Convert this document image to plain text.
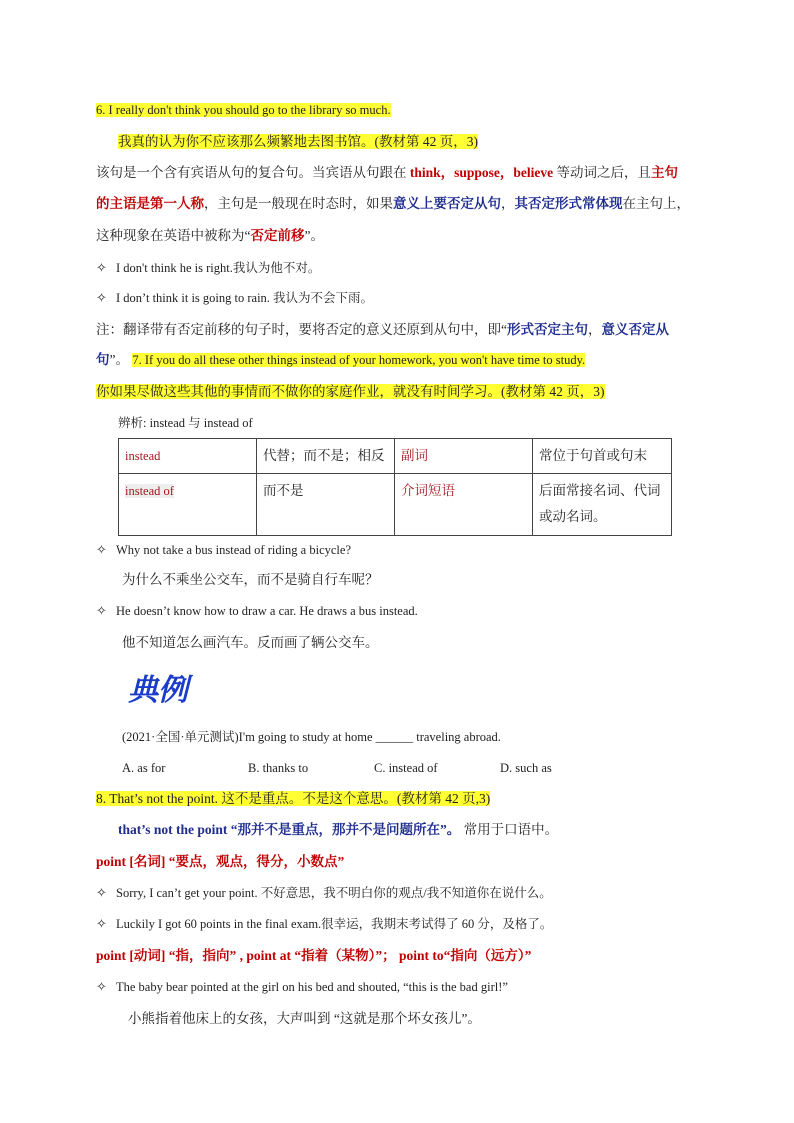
6. I really don't think you should go to the library so much.
我真的认为你不应该那么频繁地去图书馆。(教材第 42 页，3)
该句是一个含有宾语从句的复合句。当宾语从句跟在 think，suppose，believe 等动词之后，且主句
的主语是第一人称，主句是一般现在时态时，如果意义上要否定从句，其否定形式常体现在主句上，
这种现象在英语中被称为“否定前移”。
✧ I don't think he is right.我认为他不对。
✧ I don’t think it is going to rain. 我认为不会下雨。
注：翻译带有否定前移的句子时，要将否定的意义还原到从句中，即“形式否定主句，意义否定从
句”。 7. If you do all these other things instead of your homework, you won't have time to study.
你如果尽做这些其他的事情而不做你的家庭作业，就没有时间学习。(教材第 42 页，3)
辨析: instead 与 instead of
instead	代替；而不是；相反	副词	常位于句首或句末
instead of	而不是	介词短语	后面常接名词、代词或动名词。
✧ Why not take a bus instead of riding a bicycle?
为什么不乘坐公交车，而不是骑自行车呢？
✧ He doesn’t know how to draw a car. He draws a bus instead.
他不知道怎么画汽车。反而画了辆公交车。
典例
(2021·全国·单元测试)I'm going to study at home ______ traveling abroad.
A. as for	B. thanks to	C. instead of	D. such as
8. That’s not the point. 这不是重点。不是这个意思。(教材第 42 页,3)
that’s not the point “那并不是重点，那并不是问题所在”。 常用于口语中。
point [名词] “要点，观点，得分，小数点”
✧ Sorry, I can’t get your point. 不好意思，我不明白你的观点/我不知道你在说什么。
✧ Luckily I got 60 points in the final exam.很幸运，我期末考试得了 60 分，及格了。
point [动词] “指，指向” , point at “指着（某物）”； point to“指向（远方）”
✧ The baby bear pointed at the girl on his bed and shouted, “this is the bad girl!”
小熊指着他床上的女孩，大声叫到 “这就是那个坏女孩儿”。
